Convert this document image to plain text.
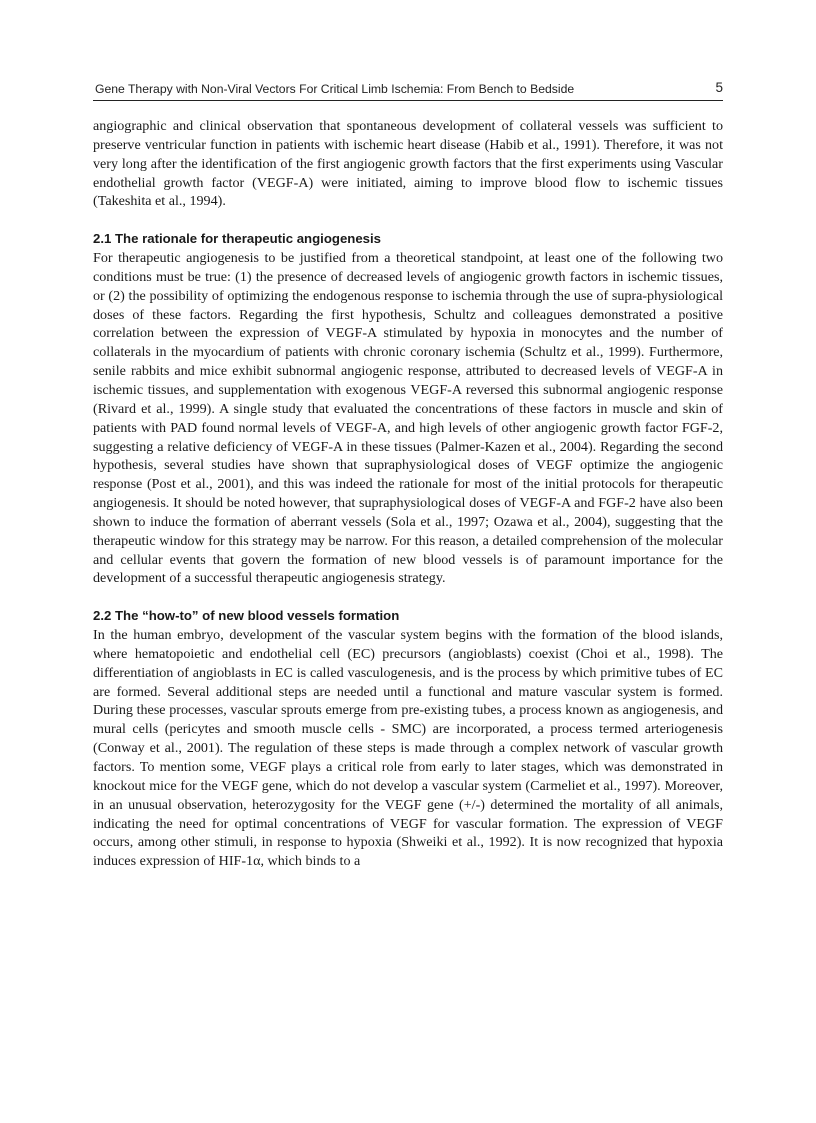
Gene Therapy with Non-Viral Vectors For Critical Limb Ischemia: From Bench to Bedside	5

angiographic and clinical observation that spontaneous development of collateral vessels was sufficient to preserve ventricular function in patients with ischemic heart disease (Habib et al., 1991). Therefore, it was not very long after the identification of the first angiogenic growth factors that the first experiments using Vascular endothelial growth factor (VEGF-A) were initiated, aiming to improve blood flow to ischemic tissues (Takeshita et al., 1994).

2.1 The rationale for therapeutic angiogenesis

For therapeutic angiogenesis to be justified from a theoretical standpoint, at least one of the following two conditions must be true: (1) the presence of decreased levels of angiogenic growth factors in ischemic tissues, or (2) the possibility of optimizing the endogenous response to ischemia through the use of supra-physiological doses of these factors. Regarding the first hypothesis, Schultz and colleagues demonstrated a positive correlation between the expression of VEGF-A stimulated by hypoxia in monocytes and the number of collaterals in the myocardium of patients with chronic coronary ischemia (Schultz et al., 1999). Furthermore, senile rabbits and mice exhibit subnormal angiogenic response, attributed to decreased levels of VEGF-A in ischemic tissues, and supplementation with exogenous VEGF-A reversed this subnormal angiogenic response (Rivard et al., 1999). A single study that evaluated the concentrations of these factors in muscle and skin of patients with PAD found normal levels of VEGF-A, and high levels of other angiogenic growth factor FGF-2, suggesting a relative deficiency of VEGF-A in these tissues (Palmer-Kazen et al., 2004). Regarding the second hypothesis, several studies have shown that supraphysiological doses of VEGF optimize the angiogenic response (Post et al., 2001), and this was indeed the rationale for most of the initial protocols for therapeutic angiogenesis. It should be noted however, that supraphysiological doses of VEGF-A and FGF-2 have also been shown to induce the formation of aberrant vessels (Sola et al., 1997; Ozawa et al., 2004), suggesting that the therapeutic window for this strategy may be narrow. For this reason, a detailed comprehension of the molecular and cellular events that govern the formation of new blood vessels is of paramount importance for the development of a successful therapeutic angiogenesis strategy.

2.2 The “how-to” of new blood vessels formation

In the human embryo, development of the vascular system begins with the formation of the blood islands, where hematopoietic and endothelial cell (EC) precursors (angioblasts) coexist (Choi et al., 1998). The differentiation of angioblasts in EC is called vasculogenesis, and is the process by which primitive tubes of EC are formed. Several additional steps are needed until a functional and mature vascular system is formed. During these processes, vascular sprouts emerge from pre-existing tubes, a process known as angiogenesis, and mural cells (pericytes and smooth muscle cells - SMC) are incorporated, a process termed arteriogenesis (Conway et al., 2001). The regulation of these steps is made through a complex network of vascular growth factors. To mention some, VEGF plays a critical role from early to later stages, which was demonstrated in knockout mice for the VEGF gene, which do not develop a vascular system (Carmeliet et al., 1997). Moreover, in an unusual observation, heterozygosity for the VEGF gene (+/-) determined the mortality of all animals, indicating the need for optimal concentrations of VEGF for vascular formation. The expression of VEGF occurs, among other stimuli, in response to hypoxia (Shweiki et al., 1992). It is now recognized that hypoxia induces expression of HIF-1α, which binds to a
